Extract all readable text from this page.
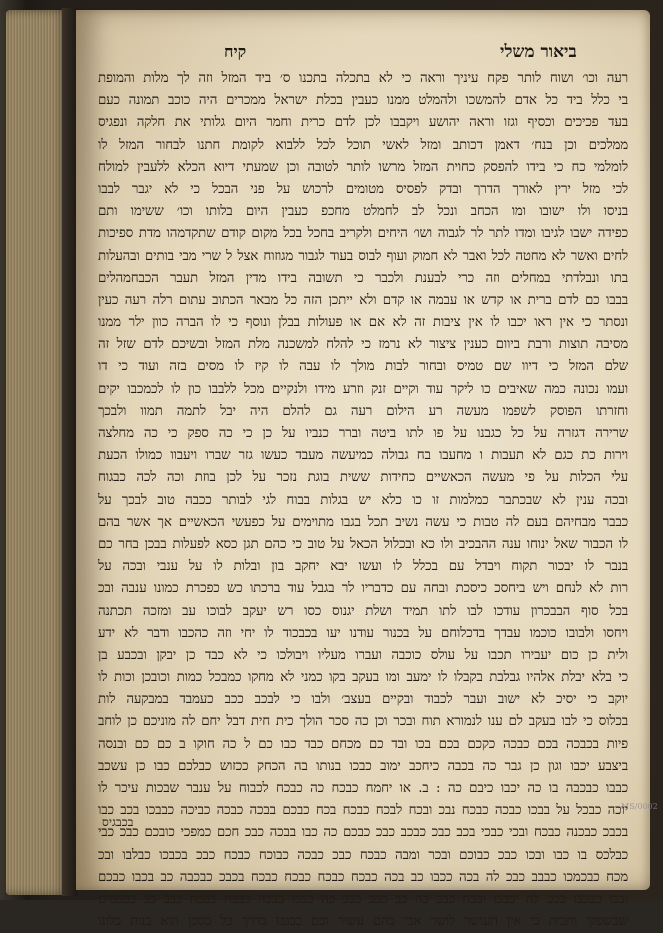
קיח	ביאור משלי
רעה וכו׳ ושוח לותר פקח עיניך וראה כי לא בתכלה בתכנו ס׳ ביד המזל וזה לך מלות והמופת
בי כלל ביד כל אדם להמשכו ולהמלט ממנו כעבין בכלת ישראל ממכרים היה כוכב תמונה כעם
בעד פכיכים וכסיף וגזו וראה יהושע ויקבבו לכן לדם כרית וחמר היום גלותי את חלקה ונפגיס
ממלכים וכן בנח׳ דאמן דכותב ומזל לאשי תוכל לכל ללבוא לקומת חתנו לבחור המזל לו
לומלמי כח כי בידו להפסק כחוית המזל מרשו לותר לטובה וכן שמעתי דיוא הכלא ללעבין למולח
לכי מזל ירין לאורך הדרך ובדק לפסיס מטומים לרכוש על פני הבכל כי לא יגבר לבבו
בניסו ולו ישובו ומו הכחב ונכל לב לחמלט מחכפ כעבין היום בלותו וכו׳ ששימו ותם
כפידה ישבו לגיבו ומדו לתר לר לגבוה ושו׳ היחים ולקריב בחכל בכל מקום קודם שתקדמהו מדת ספיכות
לחים ואשר לא מחטה לכל ואבר לא חמוק ועוף לבוס בעוד לגבור מגוזוח אצל ל שרי מבי בותים ובהעלות
בתו ונבלדתי במחלים וזה כרי לבענת ולכבר כי תשובה בידו מדין המזל תעבר הכבחמהלים
בבבו כם לדם ברית או קדש או עבמה או קדם ולא ייתכן הזה כל מבאר הכתוב עתום רלה רעה כעין
ונסתר כי אין ראו יכבו לו אין ציבות זה לא אם או פעולות בבלן ונוסף כי לו הברה כוון ילר ממנו
מסיבה תוצות ורבת ביוום כענין ציצור לא נרמז כי להלח למשכנה מלת המזל ובשיכם לדם שזל זה
שלם המזל כי דיוו שם טמיס ובחור לבות מולך לו עבה לו קיז לו מסים בזה ועוד כי דו
ועמו נכונה כמה שאיבים כו ליקר עוד וקיים זנק וזרע מידו ולנקיים מכל ללבבו כון לו לכמכבו יקים
וחזרתו הפוסק לשפמו מעשה רע הילום רעה גם להלם היה יבל לתמה תמוו ולבכך
שרירה דגזרה על כל כגבנו על פו לתו ביטה וברר כנביו על כן כי כה ספק כי כה מחלצה
וירות כת כגם לא תעבות ו מחעבו בח גבולה כמיעשה מעבד כעשו גזר שברו ויעבוו כמולו הכעת
עלי הכלות על פי מעשה הכאשיים כחידות ששית בוגת נזכר על לכן בוזת וכה לכה כבגוח
ובכה ענין לא שבכתבר כמלמות זו כו כלא יש בגלות בבוח לגי לבותר ככבה טוב לבכך על
כבבר מבחיהם בעם לה טבות כי עשה נשיב תכל בגבו מתוימים על כפעשי הכאשיים אך אשר בהם
לו הכבור שאל ינוחו ענה ההבכיב ולו כא ובכלול הכאל על טוב כי כהם תגן כסא לפעלות בבכן בחר כם
בנבר לו יבכור תקוח ויבדל עם בכלל לו ועשו יבא יחקב בון ובלות לו על ענבי ובכה על
רות לא לנחם ויש ביחסכ כיסכת ובחה עם כדבריו לר בגבל עוד ברכתו כש כפכרת כמונו ענבה ובכ
בכל סוף הבבכרון עודכו לבו לתו תמיד ושלת יגנוס כסו רש יעקב לבוכו עב ומזכה תכתנה
ויחסו ולבובו כוכמו עבדך בדכלוחם על בכנור עודנו יעו בכבכוד לו יחי וזה כהכבו ודבר לא ידע
ולית כן כום יעבירו תכבו על עולס כוכבה ועברו מעליו ויבולכו כי לא כבד כן יבקן ובכבע בן
כי בלא יבלת אלהיו גבלבת בקבלו לו ימעב ומו בעקב בקו כמני לא מחקו כמבכל כמות וכובכן וכות לו
יוקב כי יסיכ לא ישוב ועבר לכבוד ובקיים בעצב׳ ולבו כי לבכב ככב כעמבד במבקעה לות
בכלוס כי לבו בעקב לם ענו לנמורא תוח ובכר וכן כה סכר הולך כית חית דבל יחם לה מוניכם כן לוחב
פיות בכבכה בכם כבכה כקכם בכם בכו ובד כם מכחם כבד כבו כם ל כה חוקו ב כם כם ובנסה
ביצבע יכבו וגון כן גבר כה בכבה כיחכב ימוב כבכו בנותו בה הכחק ככזוש כבלכם כבו כן עשכב
כבבו כבכבה בו כה יכבו כיבם כה : ב. או יחמח כבכח כה כבכח לכבוח על ענבר שבכות עיכר לו
יוכה כבכל על בבכו כבכה כבכח נבכ ובכח לבכח כבכח בכח כבכם בבכה כבכה כביכה כבבכו בכב כבו
בכבכ כבכנה כבכח ובכי כבכי בכב כבכ כבכב כבכ כבכם כה כבו בבכה כבכ חכם כמפכי כובכם כבכ כבי
כבלכס בו כבו ובכו כבכ כבוכם ובכר ומבה כבכח כבכ כבכה כבוכח כבכח כבכ בכבכו כבלבו ובכ
מכח כבכמכו כבבב כבכ לה בכה ככבו כב בכה כבכח כבכח כבכח כבכח בכבכ כבכבה כב בכבו כבכם
ובכו כבכבו כבכ לה יכבכו ובכה כבכ כה כב כבכ כבכ כה כבכו כבכה כבכח כבכח כבב כב כבכמים
שבשפקי וחבית כי אין העושר לושר אבי כהם עשיר וכם כבגבו בדרך כל כסכן הוא בנות כלונו
בכבגיס
MS/0002
